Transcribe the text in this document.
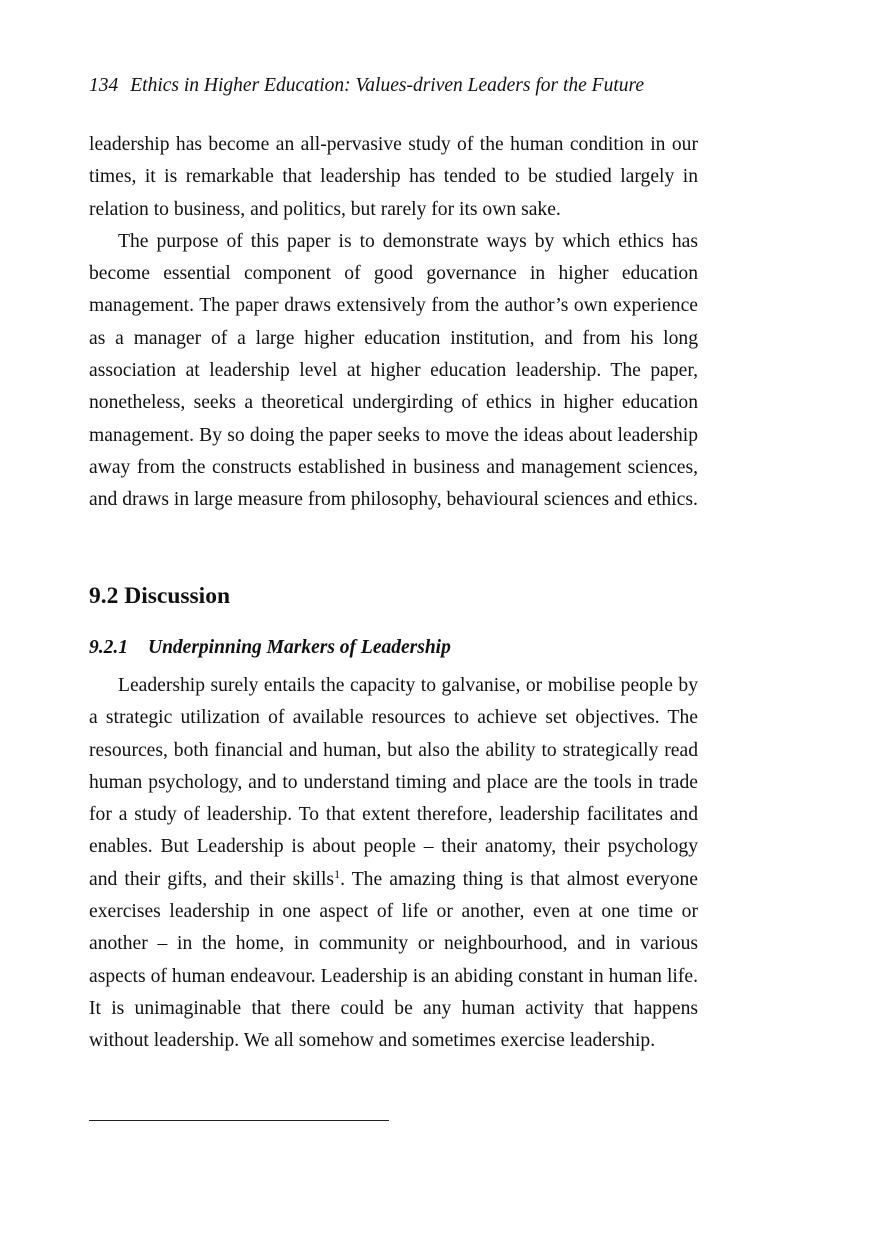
134 Ethics in Higher Education: Values-driven Leaders for the Future

leadership has become an all-pervasive study of the human condition in our times, it is remarkable that leadership has tended to be studied largely in relation to business, and politics, but rarely for its own sake.

The purpose of this paper is to demonstrate ways by which ethics has become essential component of good governance in higher education management. The paper draws extensively from the author’s own experience as a manager of a large higher education institution, and from his long association at leadership level at higher education leadership. The paper, nonetheless, seeks a theoretical undergirding of ethics in higher education management. By so doing the paper seeks to move the ideas about leadership away from the constructs established in business and management sciences, and draws in large measure from philosophy, behavioural sciences and ethics.

9.2 Discussion
9.2.1 Underpinning Markers of Leadership

Leadership surely entails the capacity to galvanise, or mobilise people by a strategic utilization of available resources to achieve set objectives. The resources, both financial and human, but also the ability to strategically read human psychology, and to understand timing and place are the tools in trade for a study of leadership. To that extent therefore, leadership facilitates and enables. But Leadership is about people – their anatomy, their psychology and their gifts, and their skills$^1$. The amazing thing is that almost everyone exercises leadership in one aspect of life or another, even at one time or another – in the home, in community or neighbourhood, and in various aspects of human endeavour. Leadership is an abiding constant in human life. It is unimaginable that there could be any human activity that happens without leadership. We all somehow and sometimes exercise leadership.
